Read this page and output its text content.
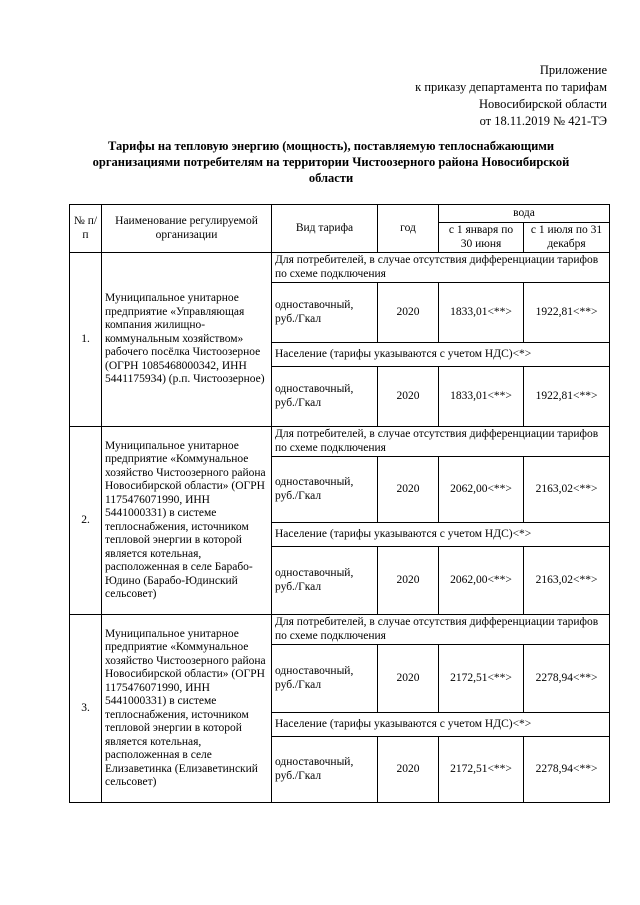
Приложение
к приказу департамента по тарифам
Новосибирской области
от 18.11.2019 № 421-ТЭ
Тарифы на тепловую энергию (мощность), поставляемую теплоснабжающими организациями потребителям на территории Чистоозерного района Новосибирской области
№ п/п	Наименование регулируемой организации	Вид тарифа	год	вода	
				с 1 января по 30 июня	с 1 июля по 31 декабря
1.	Муниципальное унитарное предприятие «Управляющая компания жилищно-коммунальным хозяйством» рабочего посёлка Чистоозерное (ОГРН 1085468000342, ИНН 5441175934) (р.п. Чистоозерное)	Для потребителей, в случае отсутствия дифференциации тарифов по схеме подключения			
		одноставочный, руб./Гкал	2020	1833,01<**>	1922,81<**>
		Население (тарифы указываются с учетом НДС)<*>			
		одноставочный, руб./Гкал	2020	1833,01<**>	1922,81<**>
2.	Муниципальное унитарное предприятие «Коммунальное хозяйство Чистоозерного района Новосибирской области» (ОГРН 1175476071990, ИНН 5441000331) в системе теплоснабжения, источником тепловой энергии в которой является котельная, расположенная в селе Барабо-Юдино (Барабо-Юдинский сельсовет)	Для потребителей, в случае отсутствия дифференциации тарифов по схеме подключения			
		одноставочный, руб./Гкал	2020	2062,00<**>	2163,02<**>
		Население (тарифы указываются с учетом НДС)<*>			
		одноставочный, руб./Гкал	2020	2062,00<**>	2163,02<**>
3.	Муниципальное унитарное предприятие «Коммунальное хозяйство Чистоозерного района Новосибирской области» (ОГРН 1175476071990, ИНН 5441000331) в системе теплоснабжения, источником тепловой энергии в которой является котельная, расположенная в селе Елизаветинка (Елизаветинский сельсовет)	Для потребителей, в случае отсутствия дифференциации тарифов по схеме подключения			
		одноставочный, руб./Гкал	2020	2172,51<**>	2278,94<**>
		Население (тарифы указываются с учетом НДС)<*>			
		одноставочный, руб./Гкал	2020	2172,51<**>	2278,94<**>
